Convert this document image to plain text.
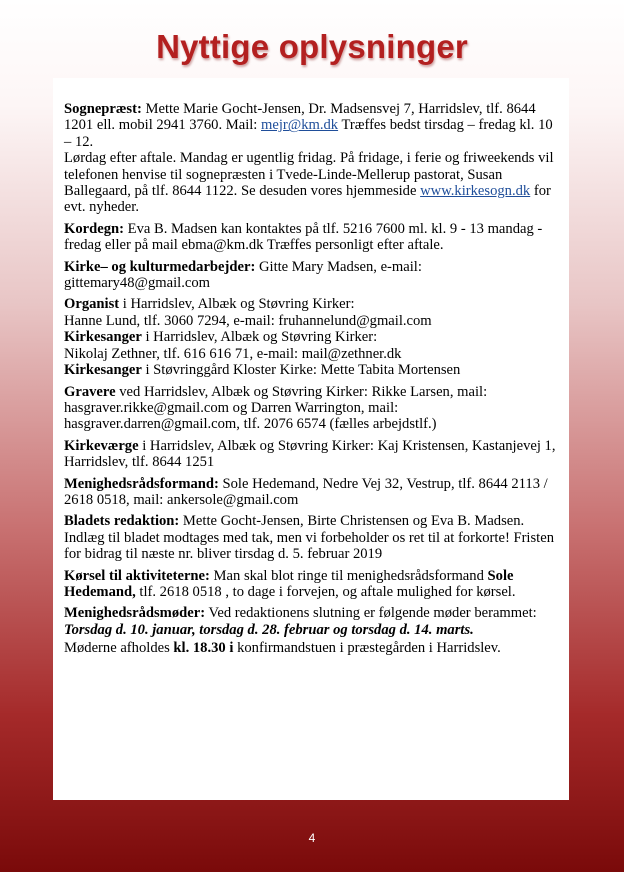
Nyttige oplysninger
Sognepræst: Mette Marie Gocht-Jensen, Dr. Madsensvej 7, Harridslev, tlf. 8644 1201 ell. mobil 2941 3760. Mail: mejr@km.dk Træffes bedst tirsdag – fredag kl. 10 – 12.
Lørdag efter aftale. Mandag er ugentlig fridag. På fridage, i ferie og friweekends vil telefonen henvise til sognepræsten i Tvede-Linde-Mellerup pastorat, Susan Ballegaard, på tlf. 8644 1122. Se desuden vores hjemmeside www.kirkesogn.dk for evt. nyheder.
Kordegn: Eva B. Madsen kan kontaktes på tlf. 5216 7600 ml. kl. 9 - 13 mandag - fredag eller på mail ebma@km.dk Træffes personligt efter aftale.
Kirke– og kulturmedarbejder: Gitte Mary Madsen, e-mail: gittemary48@gmail.com
Organist i Harridslev, Albæk og Støvring Kirker:
Hanne Lund, tlf. 3060 7294, e-mail: fruhannelund@gmail.com
Kirkesanger i Harridslev, Albæk og Støvring Kirker:
Nikolaj Zethner, tlf. 616 616 71, e-mail: mail@zethner.dk
Kirkesanger i Støvringgård Kloster Kirke: Mette Tabita Mortensen
Gravere ved Harridslev, Albæk og Støvring Kirker: Rikke Larsen, mail: hasgraver.rikke@gmail.com og Darren Warrington, mail: hasgraver.darren@gmail.com, tlf. 2076 6574 (fælles arbejdstlf.)
Kirkeværge i Harridslev, Albæk og Støvring Kirker: Kaj Kristensen, Kastanjevej 1, Harridslev, tlf. 8644 1251
Menighedsrådsformand: Sole Hedemand, Nedre Vej 32, Vestrup, tlf. 8644 2113 / 2618 0518, mail: ankersole@gmail.com
Bladets redaktion: Mette Gocht-Jensen, Birte Christensen og Eva B. Madsen.
Indlæg til bladet modtages med tak, men vi forbeholder os ret til at forkorte! Fristen for bidrag til næste nr. bliver tirsdag d. 5. februar 2019
Kørsel til aktiviteterne: Man skal blot ringe til menighedsrådsformand Sole Hedemand, tlf. 2618 0518 , to dage i forvejen, og aftale mulighed for kørsel.
Menighedsrådsmøder: Ved redaktionens slutning er følgende møder berammet:
Torsdag d. 10. januar, torsdag d. 28. februar og torsdag d. 14. marts.
Møderne afholdes kl. 18.30 i konfirmandstuen i præstegården i Harridslev.
4
